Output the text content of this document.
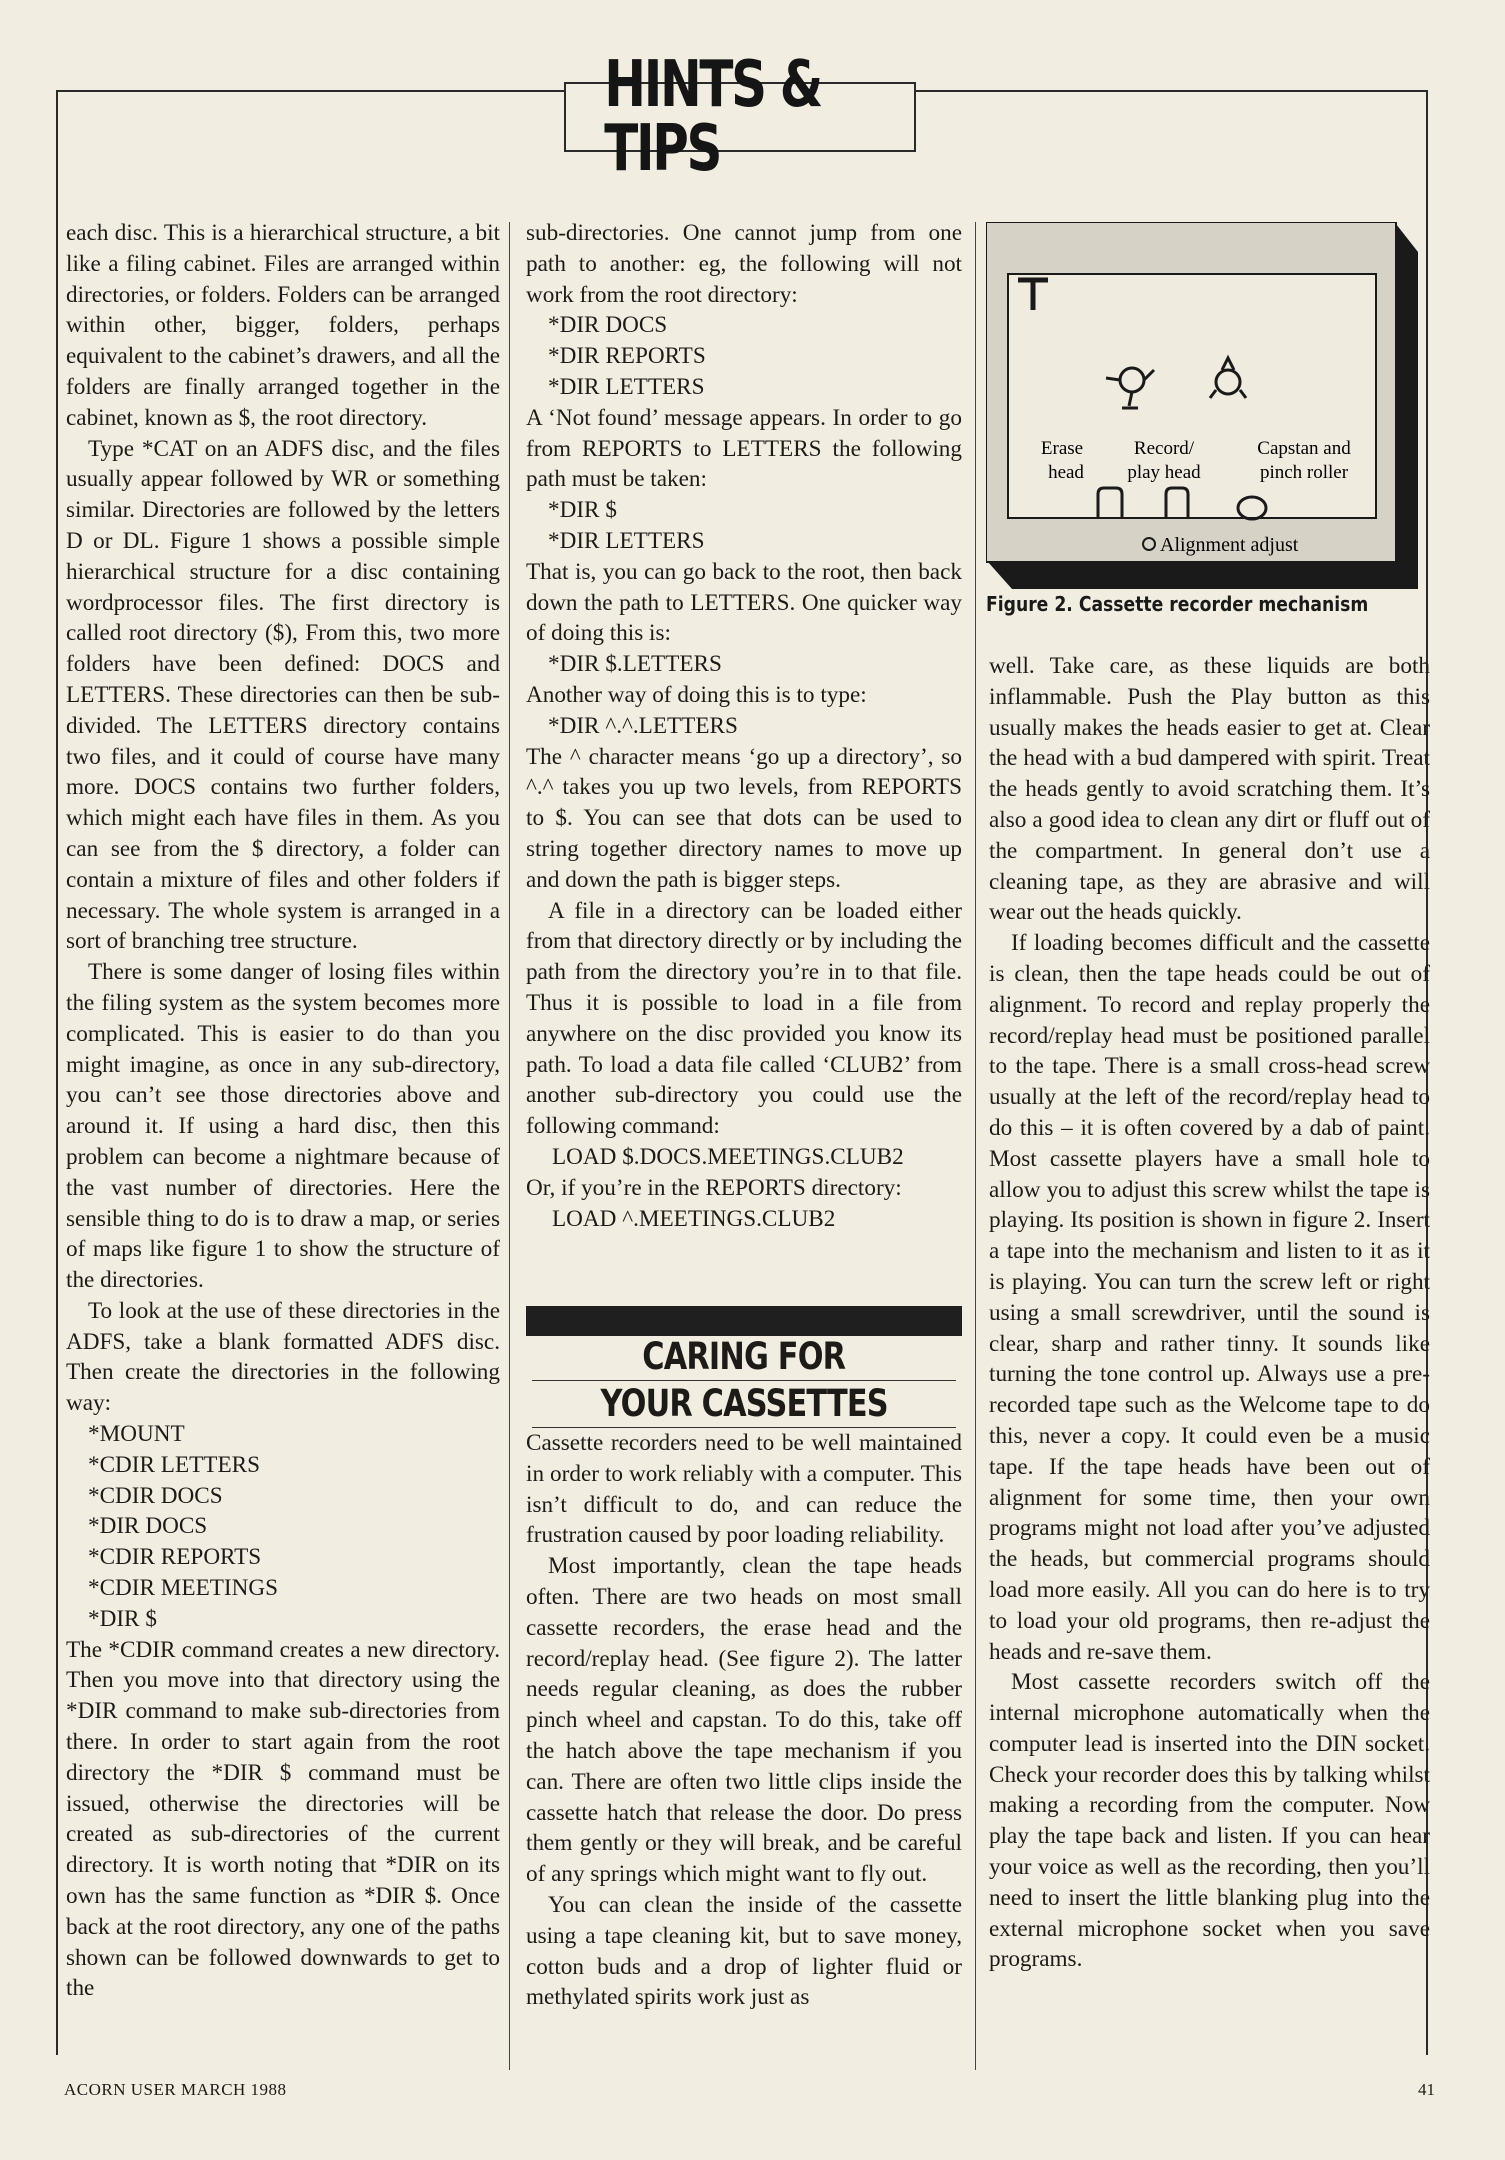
HINTS & TIPS

each disc. This is a hierarchical structure, a bit like a filing cabinet. Files are arranged within directories, or folders. Folders can be arranged within other, bigger, folders, perhaps equivalent to the cabinet’s drawers, and all the folders are finally arranged together in the cabinet, known as $, the root directory.

Type *CAT on an ADFS disc, and the files usually appear followed by WR or something similar. Directories are followed by the letters D or DL. Figure 1 shows a possible simple hierarchical structure for a disc containing wordprocessor files. The first directory is called root directory ($), From this, two more folders have been defined: DOCS and LETTERS. These directories can then be sub-divided. The LETTERS directory contains two files, and it could of course have many more. DOCS contains two further folders, which might each have files in them. As you can see from the $ directory, a folder can contain a mixture of files and other folders if necessary. The whole system is arranged in a sort of branching tree structure.

There is some danger of losing files within the filing system as the system becomes more complicated. This is easier to do than you might imagine, as once in any sub-directory, you can’t see those directories above and around it. If using a hard disc, then this problem can become a nightmare because of the vast number of directories. Here the sensible thing to do is to draw a map, or series of maps like figure 1 to show the structure of the directories.

To look at the use of these directories in the ADFS, take a blank formatted ADFS disc. Then create the directories in the following way:

*MOUNT
*CDIR LETTERS
*CDIR DOCS
*DIR DOCS
*CDIR REPORTS
*CDIR MEETINGS
*DIR $

The *CDIR command creates a new directory. Then you move into that directory using the *DIR command to make sub-directories from there. In order to start again from the root directory the *DIR $ command must be issued, otherwise the directories will be created as sub-directories of the current directory. It is worth noting that *DIR on its own has the same function as *DIR $. Once back at the root directory, any one of the paths shown can be followed downwards to get to the

sub-directories. One cannot jump from one path to another: eg, the following will not work from the root directory:

*DIR DOCS
*DIR REPORTS
*DIR LETTERS

A ‘Not found’ message appears. In order to go from REPORTS to LETTERS the following path must be taken:

*DIR $
*DIR LETTERS

That is, you can go back to the root, then back down the path to LETTERS. One quicker way of doing this is:

*DIR $.LETTERS

Another way of doing this is to type:

*DIR ^.^.LETTERS

The ^ character means ‘go up a directory’, so ^.^ takes you up two levels, from REPORTS to $. You can see that dots can be used to string together directory names to move up and down the path is bigger steps.

A file in a directory can be loaded either from that directory directly or by including the path from the directory you’re in to that file. Thus it is possible to load in a file from anywhere on the disc provided you know its path. To load a data file called ‘CLUB2’ from another sub-directory you could use the following command:

LOAD $.DOCS.MEETINGS.CLUB2

Or, if you’re in the REPORTS directory:

LOAD ^.MEETINGS.CLUB2
CARING FOR
YOUR CASSETTES

Cassette recorders need to be well maintained in order to work reliably with a computer. This isn’t difficult to do, and can reduce the frustration caused by poor loading reliability.

Most importantly, clean the tape heads often. There are two heads on most small cassette recorders, the erase head and the record/replay head. (See figure 2). The latter needs regular cleaning, as does the rubber pinch wheel and capstan. To do this, take off the hatch above the tape mechanism if you can. There are often two little clips inside the cassette hatch that release the door. Do press them gently or they will break, and be careful of any springs which might want to fly out.

You can clean the inside of the cassette using a tape cleaning kit, but to save money, cotton buds and a drop of lighter fluid or methylated spirits work just as

Erase
head
Record/
play head
Capstan and
pinch roller
Alignment adjust
Figure 2. Cassette recorder mechanism

well. Take care, as these liquids are both inflammable. Push the Play button as this usually makes the heads easier to get at. Clear the head with a bud dampered with spirit. Treat the heads gently to avoid scratching them. It’s also a good idea to clean any dirt or fluff out of the compartment. In general don’t use a cleaning tape, as they are abrasive and will wear out the heads quickly.

If loading becomes difficult and the cassette is clean, then the tape heads could be out of alignment. To record and replay properly the record/replay head must be positioned parallel to the tape. There is a small cross-head screw usually at the left of the record/replay head to do this – it is often covered by a dab of paint. Most cassette players have a small hole to allow you to adjust this screw whilst the tape is playing. Its position is shown in figure 2. Insert a tape into the mechanism and listen to it as it is playing. You can turn the screw left or right using a small screwdriver, until the sound is clear, sharp and rather tinny. It sounds like turning the tone control up. Always use a pre-recorded tape such as the Welcome tape to do this, never a copy. It could even be a music tape. If the tape heads have been out of alignment for some time, then your own programs might not load after you’ve adjusted the heads, but commercial programs should load more easily. All you can do here is to try to load your old programs, then re-adjust the heads and re-save them.

Most cassette recorders switch off the internal microphone automatically when the computer lead is inserted into the DIN socket. Check your recorder does this by talking whilst making a recording from the computer. Now play the tape back and listen. If you can hear your voice as well as the recording, then you’ll need to insert the little blanking plug into the external microphone socket when you save programs.

ACORN USER MARCH 1988	41
